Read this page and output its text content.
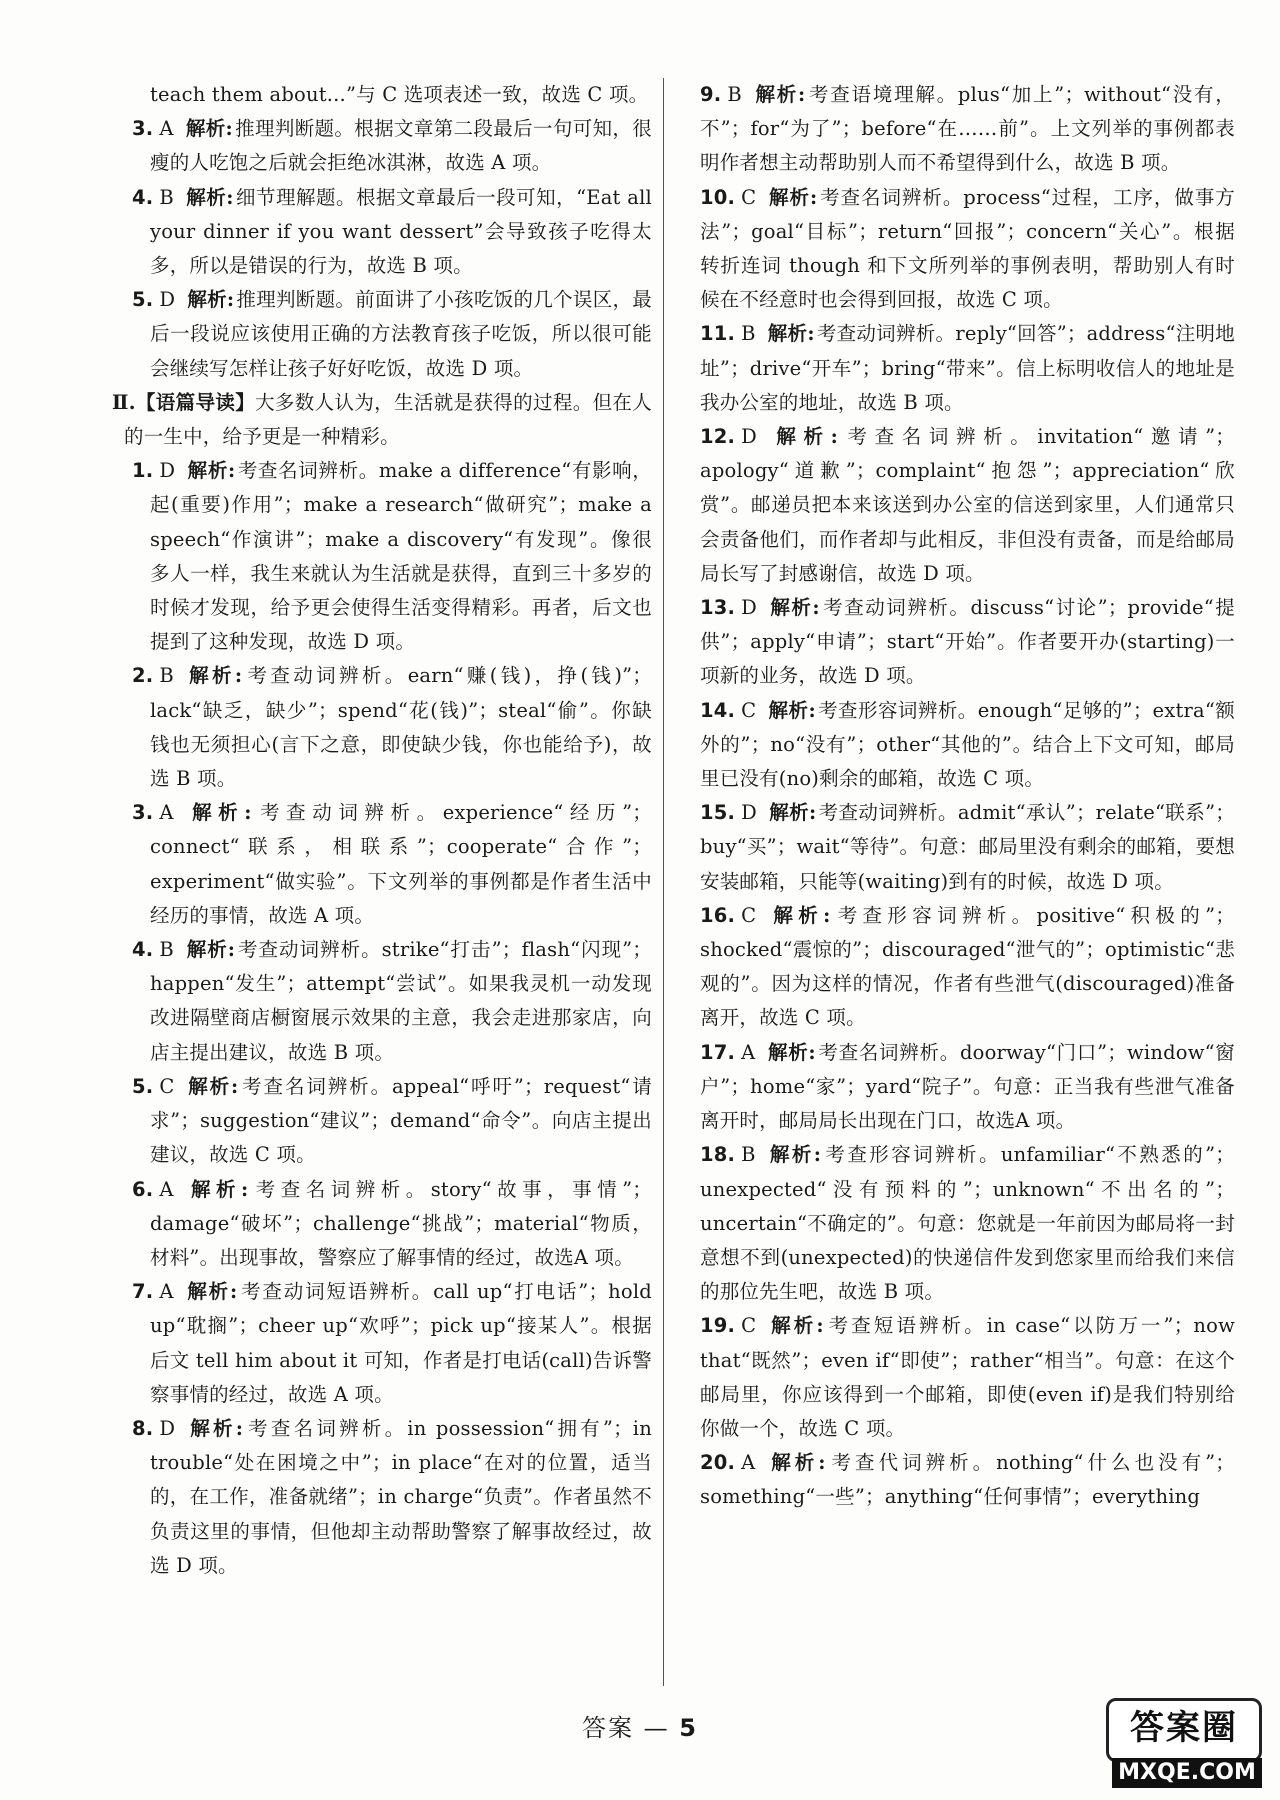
teach them about...”与 C 选项表述一致，故选 C 项。

3. A 解析: 推理判断题。根据文章第二段最后一句可知，很瘦的人吃饱之后就会拒绝冰淇淋，故选 A 项。

4. B 解析: 细节理解题。根据文章最后一段可知，“Eat all your dinner if you want dessert”会导致孩子吃得太多，所以是错误的行为，故选 B 项。

5. D 解析: 推理判断题。前面讲了小孩吃饭的几个误区，最后一段说应该使用正确的方法教育孩子吃饭，所以很可能会继续写怎样让孩子好好吃饭，故选 D 项。

Ⅱ.【语篇导读】大多数人认为，生活就是获得的过程。但在人的一生中，给予更是一种精彩。

1. D 解析: 考查名词辨析。make a difference“有影响，起(重要)作用”；make a research“做研究”；make a speech“作演讲”；make a discovery“有发现”。像很多人一样，我生来就认为生活就是获得，直到三十多岁的时候才发现，给予更会使得生活变得精彩。再者，后文也提到了这种发现，故选 D 项。

2. B 解析: 考查动词辨析。earn“赚(钱)，挣(钱)”；lack“缺乏，缺少”；spend“花(钱)”；steal“偷”。你缺钱也无须担心(言下之意，即使缺少钱，你也能给予)，故选 B 项。

3. A 解析: 考查动词辨析。experience“经历”；connect“联系，相联系”；cooperate“合作”；experiment“做实验”。下文列举的事例都是作者生活中经历的事情，故选 A 项。

4. B 解析: 考查动词辨析。strike“打击”；flash“闪现”；happen“发生”；attempt“尝试”。如果我灵机一动发现改进隔壁商店橱窗展示效果的主意，我会走进那家店，向店主提出建议，故选 B 项。

5. C 解析: 考查名词辨析。appeal“呼吁”；request“请求”；suggestion“建议”；demand“命令”。向店主提出建议，故选 C 项。

6. A 解析: 考查名词辨析。story“故事，事情”；damage“破坏”；challenge“挑战”；material“物质，材料”。出现事故，警察应了解事情的经过，故选A 项。

7. A 解析: 考查动词短语辨析。call up“打电话”；hold up“耽搁”；cheer up“欢呼”；pick up“接某人”。根据后文 tell him about it 可知，作者是打电话(call)告诉警察事情的经过，故选 A 项。

8. D 解析: 考查名词辨析。in possession“拥有”；in trouble“处在困境之中”；in place“在对的位置，适当的，在工作，准备就绪”；in charge“负责”。作者虽然不负责这里的事情，但他却主动帮助警察了解事故经过，故选 D 项。

9. B 解析: 考查语境理解。plus“加上”；without“没有，不”；for“为了”；before“在……前”。上文列举的事例都表明作者想主动帮助别人而不希望得到什么，故选 B 项。

10. C 解析: 考查名词辨析。process“过程，工序，做事方法”；goal“目标”；return“回报”；concern“关心”。根据转折连词 though 和下文所列举的事例表明，帮助别人有时候在不经意时也会得到回报，故选 C 项。

11. B 解析: 考查动词辨析。reply“回答”；address“注明地址”；drive“开车”；bring“带来”。信上标明收信人的地址是我办公室的地址，故选 B 项。

12. D 解析: 考查名词辨析。invitation“邀请”；apology“道歉”；complaint“抱怨”；appreciation“欣赏”。邮递员把本来该送到办公室的信送到家里，人们通常只会责备他们，而作者却与此相反，非但没有责备，而是给邮局局长写了封感谢信，故选 D 项。

13. D 解析: 考查动词辨析。discuss“讨论”；provide“提供”；apply“申请”；start“开始”。作者要开办(starting)一项新的业务，故选 D 项。

14. C 解析: 考查形容词辨析。enough“足够的”；extra“额外的”；no“没有”；other“其他的”。结合上下文可知，邮局里已没有(no)剩余的邮箱，故选 C 项。

15. D 解析: 考查动词辨析。admit“承认”；relate“联系”；buy“买”；wait“等待”。句意：邮局里没有剩余的邮箱，要想安装邮箱，只能等(waiting)到有的时候，故选 D 项。

16. C 解析: 考查形容词辨析。positive“积极的”；shocked“震惊的”；discouraged“泄气的”；optimistic“悲观的”。因为这样的情况，作者有些泄气(discouraged)准备离开，故选 C 项。

17. A 解析: 考查名词辨析。doorway“门口”；window“窗户”；home“家”；yard“院子”。句意：正当我有些泄气准备离开时，邮局局长出现在门口，故选A 项。

18. B 解析: 考查形容词辨析。unfamiliar“不熟悉的”；unexpected“没有预料的”；unknown“不出名的”；uncertain“不确定的”。句意：您就是一年前因为邮局将一封意想不到(unexpected)的快递信件发到您家里而给我们来信的那位先生吧，故选 B 项。

19. C 解析: 考查短语辨析。in case“以防万一”；now that“既然”；even if“即使”；rather“相当”。句意：在这个邮局里，你应该得到一个邮箱，即使(even if)是我们特别给你做一个，故选 C 项。

20. A 解析: 考查代词辨析。nothing“什么也没有”；something“一些”；anything“任何事情”；everything

答案 — 5	答案圈
MXQE.COM
